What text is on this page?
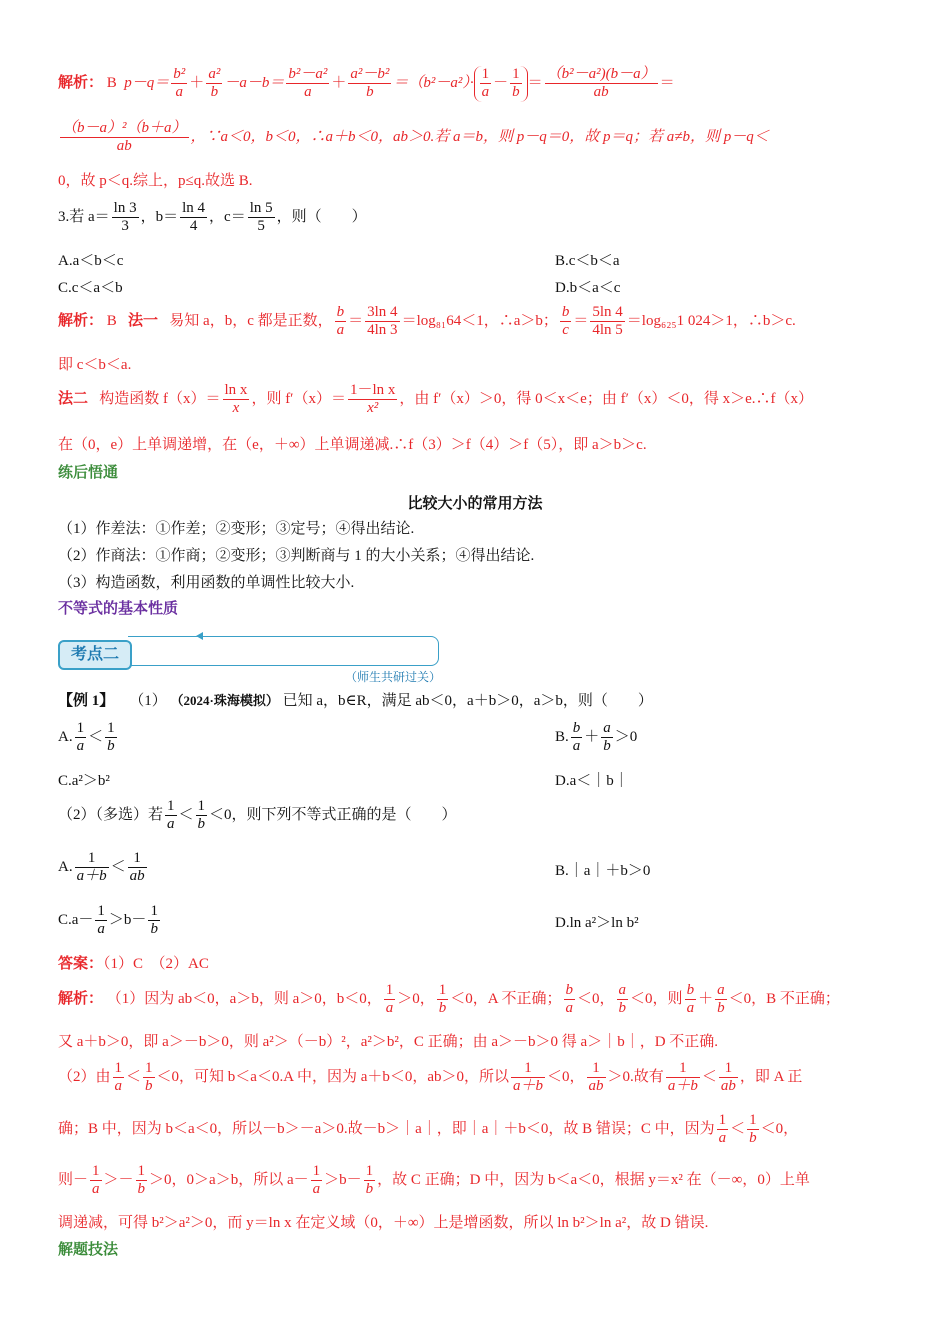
解析： B $p-q= \frac{\text{b²}}{a} + \frac{\text{a²}}{b} -a-b= \frac{\text{b²－a²}}{a} + \frac{\text{a²－b²}}{b} =(b^2-a^2)\cdot \frac{1}{a} - \frac{1}{b} = \frac{\text{（b²－a²)(b－a）}}{ab}$ ＝
$\frac{\text{（b－a）²（b＋a）}}{ab}$ ，∵a＜0，b＜0，∴a＋b＜0，ab＞0.若 a＝b，则 p－q＝0，故 p＝q；若 a≠b，则 p－q＜
0，故 p＜q.综上，p≤q.故选 B.
3.若 $a= \frac{\ln 3}{3}$ ，$b= \frac{\ln 4}{4}$ ，$c= \frac{\ln 5}{5}$ ，则（　　）
A.a＜b＜c	B.c＜b＜a
C.c＜a＜b	D.b＜a＜c
解析： B 法一 易知 a，b，c 都是正数， $\frac{b}{a} = \frac{3\ln 4}{4\ln 3} =\log_{81}64<1$，∴a＞b； $\frac{b}{c} = \frac{5\ln 4}{4\ln 5} =\log_{625}1$ 024＞1，∴b＞c.
即 c＜b＜a.
法二 构造函数 $f(x)= \frac{\text{ln x}}{x}$ ，则 $f'(x)= \frac{\text{1－ln x}}{\text{x²}}$ ，由 f′（x）＞0，得 0＜x＜e；由 f′（x）＜0，得 x＞e.∴f（x）
在（0，e）上单调递增，在（e，＋∞）上单调递减.∴f（3）＞f（4）＞f（5），即 a＞b＞c.
练后悟通
比较大小的常用方法
（1）作差法：①作差；②变形；③定号；④得出结论.
（2）作商法：①作商；②变形；③判断商与 1 的大小关系；④得出结论.
（3）构造函数，利用函数的单调性比较大小.
不等式的基本性质
考点二
（师生共研过关）
【例 1】 （1） （2024·珠海模拟） 已知 a，b∈R，满足 ab＜0，a＋b＞0，a＞b，则（　　）
A. $\frac{1}{a} < \frac{1}{b}$	B. $\frac{b}{a} + \frac{a}{b} >0$
C.a²＞b²	D.a＜｜b｜
（2）（多选）若 $\frac{1}{a} < \frac{1}{b} <0$，则下列不等式正确的是（　　）
A. $\frac{1}{a+b} < \frac{1}{ab}$	B.｜a｜＋b＞0
$C.a- \frac{1}{a} >b- \frac{1}{b}$	D.ln a²＞ln b²
答案：（1）C　（2）AC
解析： （1）因为 ab＜0，a＞b，则 a＞0，b＜0， $\frac{1}{a} >0$， $\frac{1}{b} <0$，A 不正确； $\frac{b}{a} <0$， $\frac{a}{b} <0$，则 $\frac{b}{a} + \frac{a}{b} <0$，B 不正确；
又 a＋b＞0，即 a＞－b＞0，则 a²＞（－b）²，a²＞b²，C 正确；由 a＞－b＞0 得 a＞｜b｜，D 不正确.
（2）由 $\frac{1}{a} < \frac{1}{b} <0$，可知 b＜a＜0.A 中，因为 a＋b＜0，ab＞0，所以 $\frac{1}{a+b} <0$， $\frac{1}{ab} >0$.故有 $\frac{1}{a+b} < \frac{1}{ab}$ ，即 A 正
确；B 中，因为 b＜a＜0，所以－b＞－a＞0.故－b＞｜a｜，即｜a｜＋b＜0，故 B 错误；C 中，因为 $\frac{1}{a} < \frac{1}{b} <0$，
则－ $\frac{1}{a} >- \frac{1}{b} >0$，0＞a＞b，所以 $a- \frac{1}{a} >b- \frac{1}{b}$ ，故 C 正确；D 中，因为 b＜a＜0，根据 y＝x² 在（－∞，0）上单
调递减，可得 b²＞a²＞0，而 y＝ln x 在定义域（0，＋∞）上是增函数，所以 ln b²＞ln a²，故 D 错误.
解题技法
